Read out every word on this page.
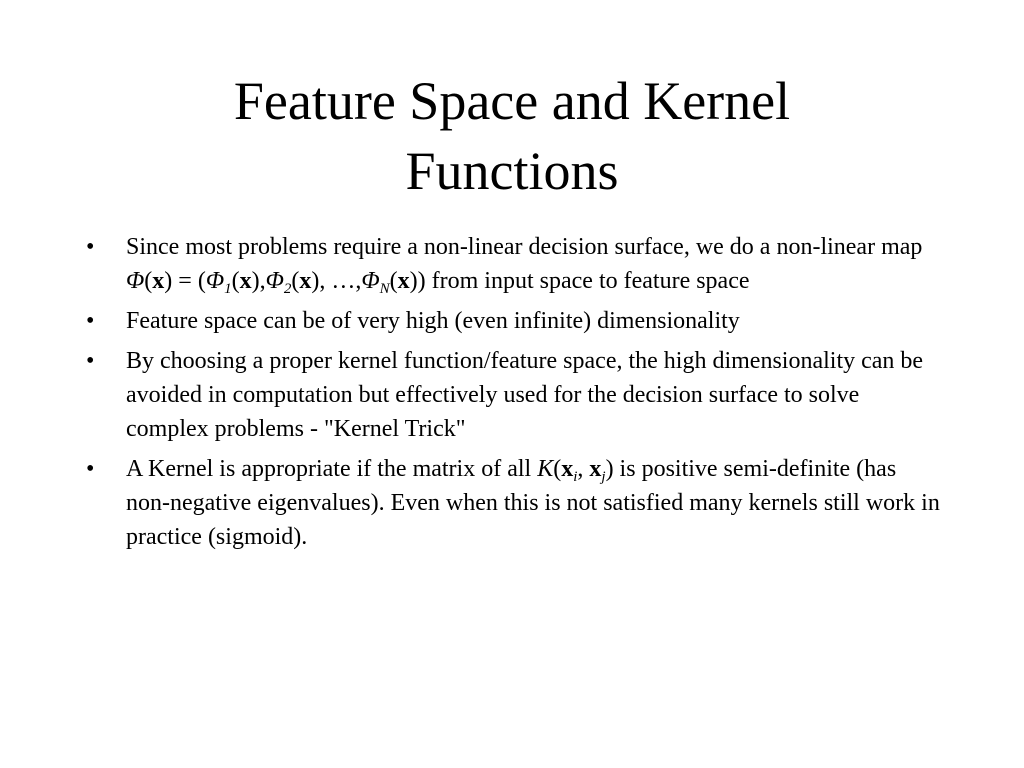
Feature Space and Kernel
Functions
• Since most problems require a non-linear decision surface, we do a non-linear map $\Phi(x) = (\Phi_1(x),\Phi_2(x)$, $\dots,\Phi_N(x)$) from input space to feature space
• Feature space can be of very high (even infinite) dimensionality
• By choosing a proper kernel function/feature space, the high dimensionality can be avoided in computation but effectively used for the decision surface to solve complex problems - "Kernel Trick"
• A Kernel is appropriate if the matrix of all $K(x_i$, $x_j$) is positive semi-definite (has non-negative eigenvalues). Even when this is not satisfied many kernels still work in practice (sigmoid).
